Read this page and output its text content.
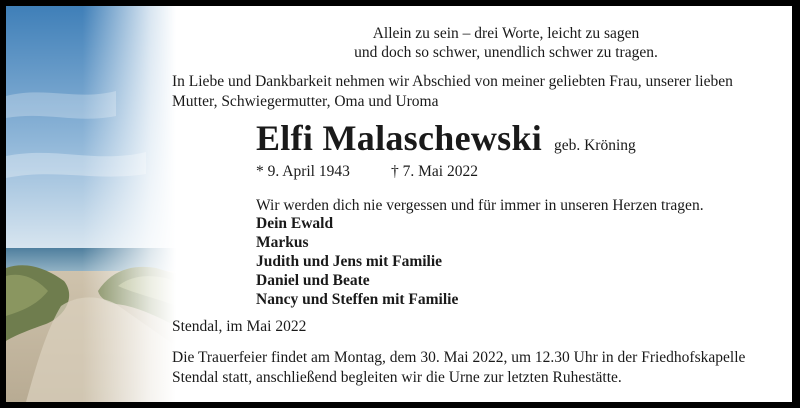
Allein zu sein – drei Worte, leicht zu sagen
und doch so schwer, unendlich schwer zu tragen.
In Liebe und Dankbarkeit nehmen wir Abschied von meiner geliebten Frau, unserer lieben
Mutter, Schwiegermutter, Oma und Uroma
Elfi Malaschewski geb. Kröning
* 9. April 1943	† 7. Mai 2022
Wir werden dich nie vergessen und für immer in unseren Herzen tragen.
Dein Ewald
Markus
Judith und Jens mit Familie
Daniel und Beate
Nancy und Steffen mit Familie
Stendal, im Mai 2022
Die Trauerfeier findet am Montag, dem 30. Mai 2022, um 12.30 Uhr in der Friedhofskapelle
Stendal statt, anschließend begleiten wir die Urne zur letzten Ruhestätte.
